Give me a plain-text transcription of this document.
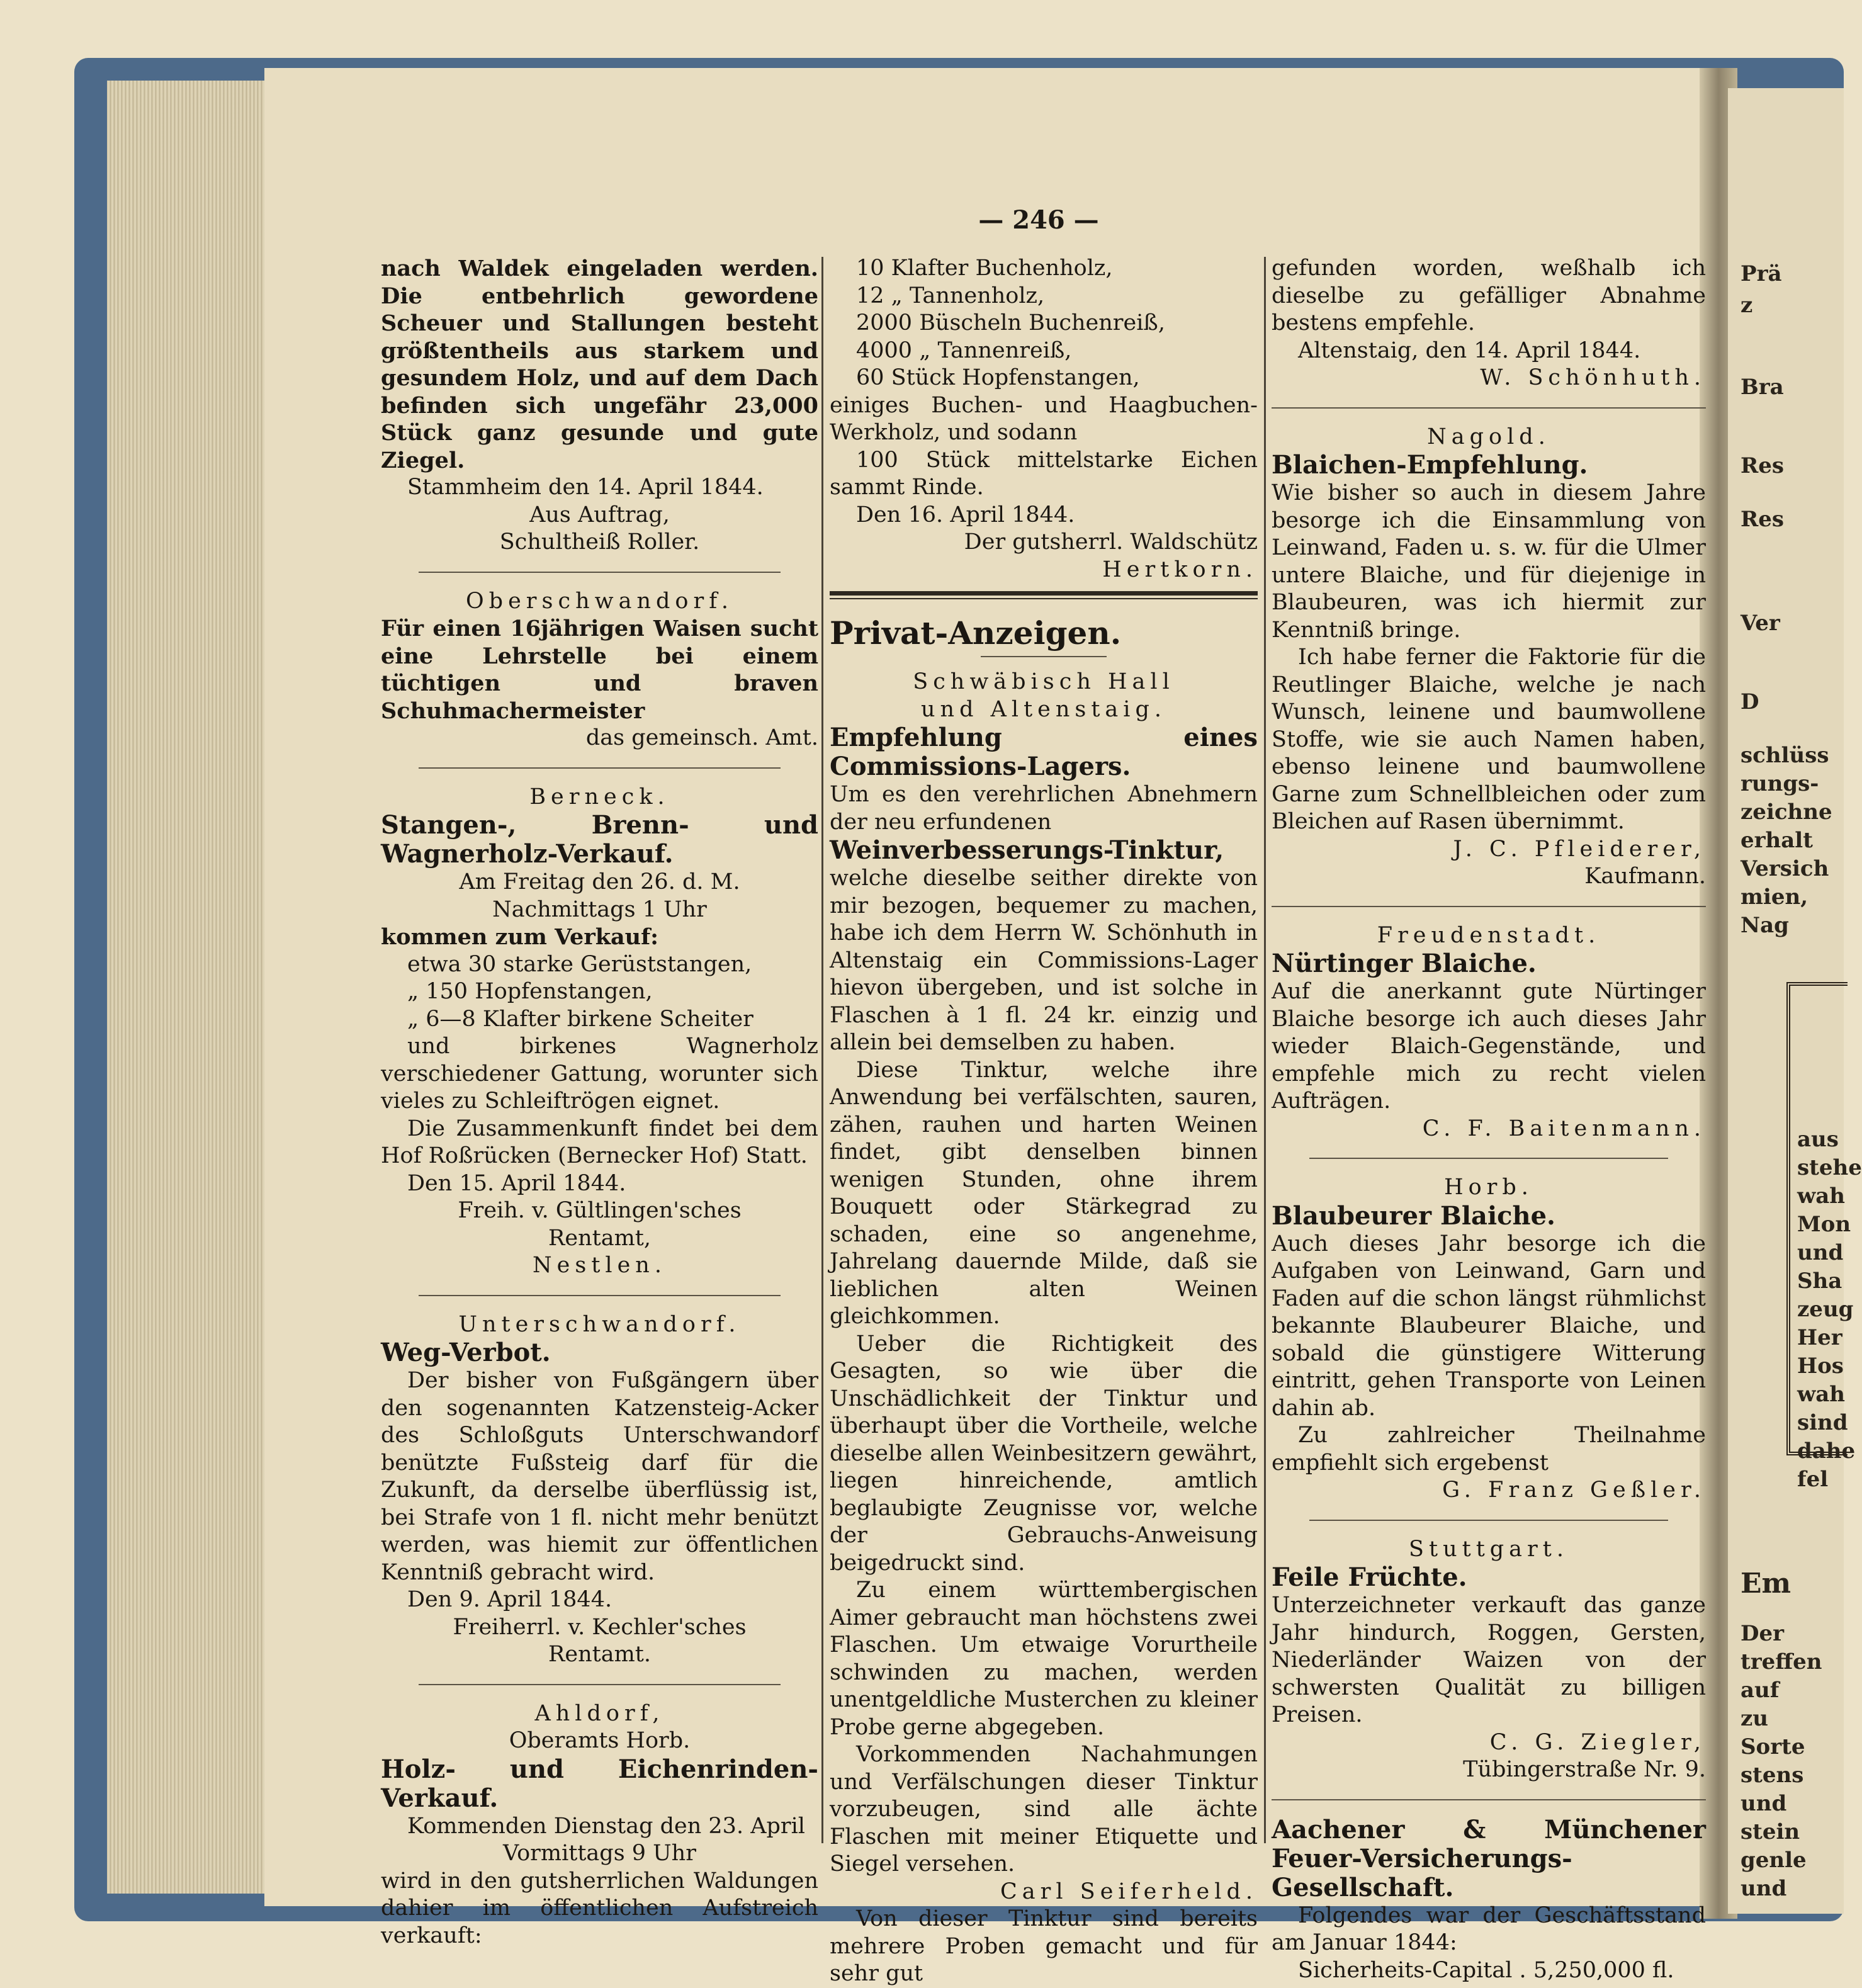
Prä
z
Bra
Res
Res
Ver
D
schlüss
rungs-
zeichne
erhalt
Versich
mien,
Nag
aus
stehe
wah
Mon
und
Sha
zeug
Her
Hos
wah
sind
dahe
fel
Em
Der
treffen
auf
zu
Sorte
stens
und
stein
genle
und
— 246 —

nach Waldek eingeladen werden. Die entbehrlich gewordene Scheuer und Stallungen besteht größtentheils aus starkem und gesundem Holz, und auf dem Dach befinden sich ungefähr 23,000 Stück ganz gesunde und gute Ziegel.

Stammheim den 14. April 1844.

Aus Auftrag,

Schultheiß Roller.

Oberschwandorf.

Für einen 16jährigen Waisen sucht eine Lehrstelle bei einem tüchtigen und braven Schuhmachermeister

das gemeinsch. Amt.

Berneck.

Stangen-, Brenn- und Wagnerholz-Verkauf.

Am Freitag den 26. d. M.

Nachmittags 1 Uhr

kommen zum Verkauf:

etwa 30 starke Gerüststangen,

„ 150 Hopfenstangen,

„ 6—8 Klafter birkene Scheiter

und birkenes Wagnerholz verschiedener Gattung, worunter sich vieles zu Schleiftrögen eignet.

Die Zusammenkunft findet bei dem Hof Roßrücken (Bernecker Hof) Statt.

Den 15. April 1844.

Freih. v. Gültlingen'sches

Rentamt,

Nestlen.

Unterschwandorf.

Weg-Verbot.

Der bisher von Fußgängern über den sogenannten Katzensteig-Acker des Schloßguts Unterschwandorf benützte Fußsteig darf für die Zukunft, da derselbe überflüssig ist, bei Strafe von 1 fl. nicht mehr benützt werden, was hiemit zur öffentlichen Kenntniß gebracht wird.

Den 9. April 1844.

Freiherrl. v. Kechler'sches

Rentamt.

Ahldorf,

Oberamts Horb.

Holz- und Eichenrinden-Verkauf.

Kommenden Dienstag den 23. April

Vormittags 9 Uhr

wird in den gutsherrlichen Waldungen dahier im öffentlichen Aufstreich verkauft:

10 Klafter Buchenholz,

12 „ Tannenholz,

2000 Büscheln Buchenreiß,

4000 „ Tannenreiß,

60 Stück Hopfenstangen,

einiges Buchen- und Haagbuchen-Werkholz, und sodann

100 Stück mittelstarke Eichen sammt Rinde.

Den 16. April 1844.

Der gutsherrl. Waldschütz

Hertkorn.

Privat-Anzeigen.

Schwäbisch Hall

und Altenstaig.

Empfehlung eines Commissions-Lagers.

Um es den verehrlichen Abnehmern der neu erfundenen

Weinverbesserungs-Tinktur,

welche dieselbe seither direkte von mir bezogen, bequemer zu machen, habe ich dem Herrn W. Schönhuth in Altenstaig ein Commissions-Lager hievon übergeben, und ist solche in Flaschen à 1 fl. 24 kr. einzig und allein bei demselben zu haben.

Diese Tinktur, welche ihre Anwendung bei verfälschten, sauren, zähen, rauhen und harten Weinen findet, gibt denselben binnen wenigen Stunden, ohne ihrem Bouquett oder Stärkegrad zu schaden, eine so angenehme, Jahrelang dauernde Milde, daß sie lieblichen alten Weinen gleichkommen.

Ueber die Richtigkeit des Gesagten, so wie über die Unschädlichkeit der Tinktur und überhaupt über die Vortheile, welche dieselbe allen Weinbesitzern gewährt, liegen hinreichende, amtlich beglaubigte Zeugnisse vor, welche der Gebrauchs-Anweisung beigedruckt sind.

Zu einem württembergischen Aimer gebraucht man höchstens zwei Flaschen. Um etwaige Vorurtheile schwinden zu machen, werden unentgeldliche Musterchen zu kleiner Probe gerne abgegeben.

Vorkommenden Nachahmungen und Verfälschungen dieser Tinktur vorzubeugen, sind alle ächte Flaschen mit meiner Etiquette und Siegel versehen.

Carl Seiferheld.

Von dieser Tinktur sind bereits mehrere Proben gemacht und für sehr gut

gefunden worden, weßhalb ich dieselbe zu gefälliger Abnahme bestens empfehle.

Altenstaig, den 14. April 1844.

W. Schönhuth.

Nagold.

Blaichen-Empfehlung.

Wie bisher so auch in diesem Jahre besorge ich die Einsammlung von Leinwand, Faden u. s. w. für die Ulmer untere Blaiche, und für diejenige in Blaubeuren, was ich hiermit zur Kenntniß bringe.

Ich habe ferner die Faktorie für die Reutlinger Blaiche, welche je nach Wunsch, leinene und baumwollene Stoffe, wie sie auch Namen haben, ebenso leinene und baumwollene Garne zum Schnellbleichen oder zum Bleichen auf Rasen übernimmt.

J. C. Pfleiderer,

Kaufmann.

Freudenstadt.

Nürtinger Blaiche.

Auf die anerkannt gute Nürtinger Blaiche besorge ich auch dieses Jahr wieder Blaich-Gegenstände, und empfehle mich zu recht vielen Aufträgen.

C. F. Baitenmann.

Horb.

Blaubeurer Blaiche.

Auch dieses Jahr besorge ich die Aufgaben von Leinwand, Garn und Faden auf die schon längst rühmlichst bekannte Blaubeurer Blaiche, und sobald die günstigere Witterung eintritt, gehen Transporte von Leinen dahin ab.

Zu zahlreicher Theilnahme empfiehlt sich ergebenst

G. Franz Geßler.

Stuttgart.

Feile Früchte.

Unterzeichneter verkauft das ganze Jahr hindurch, Roggen, Gersten, Niederländer Waizen von der schwersten Qualität zu billigen Preisen.

C. G. Ziegler,

Tübingerstraße Nr. 9.

Aachener & Münchener Feuer-Versicherungs-Gesellschaft.

Folgendes war der Geschäftsstand am Januar 1844:

Sicherheits-Capital . 5,250,000 fl.
